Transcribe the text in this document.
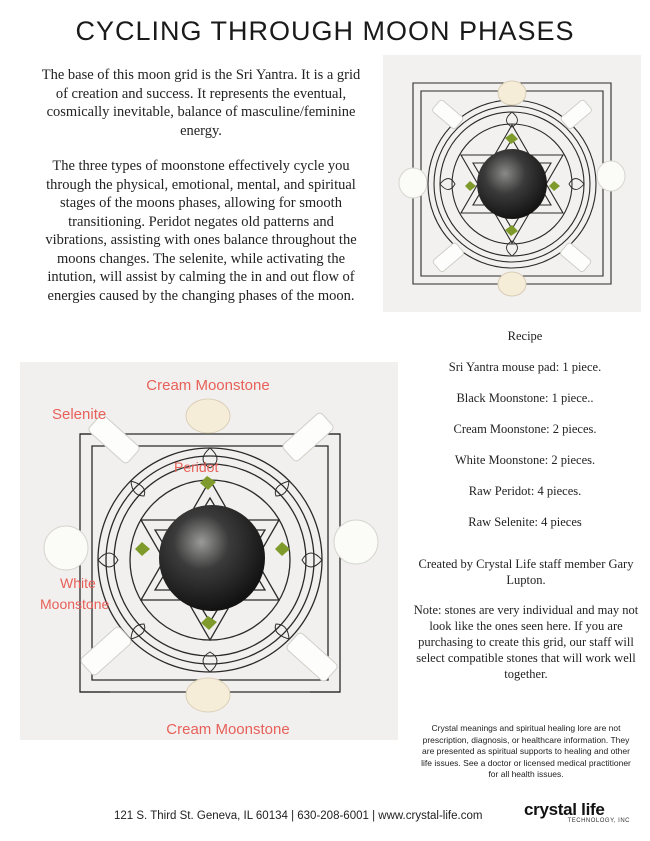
CYCLING THROUGH MOON PHASES

The base of this moon grid is the Sri Yantra. It is a grid of creation and success. It represents the eventual, cosmically inevitable, balance of masculine/feminine energy.

The three types of moonstone effectively cycle you through the physical, emotional, mental, and spiritual stages of the moons phases, allowing for smooth transitioning. Peridot negates old patterns and vibrations, assisting with ones balance throughout the moons changes. The selenite, while activating the intution, will assist by calming the in and out flow of energies caused by the changing phases of the moon.

Cream Moonstone
Selenite
Peridot
White
Moonstone
Cream Moonstone
Recipe
Sri Yantra mouse pad: 1 piece.
Black Moonstone: 1 piece..
Cream Moonstone: 2 pieces.
White Moonstone: 2 pieces.
Raw Peridot: 4 pieces.
Raw Selenite: 4 pieces

Created by Crystal Life staff member Gary Lupton.

Note: stones are very individual and may not look like the ones seen here. If you are purchasing to create this grid, our staff will select compatible stones that will work well together.

Crystal meanings and spiritual healing lore are not prescription, diagnosis, or healthcare information. They are presented as spiritual supports to healing and other life issues. See a doctor or licensed medical practitioner for all health issues.
121 S. Third St. Geneva, IL 60134 | 630-208-6001 | www.crystal-life.com crystal life
TECHNOLOGY, INC
